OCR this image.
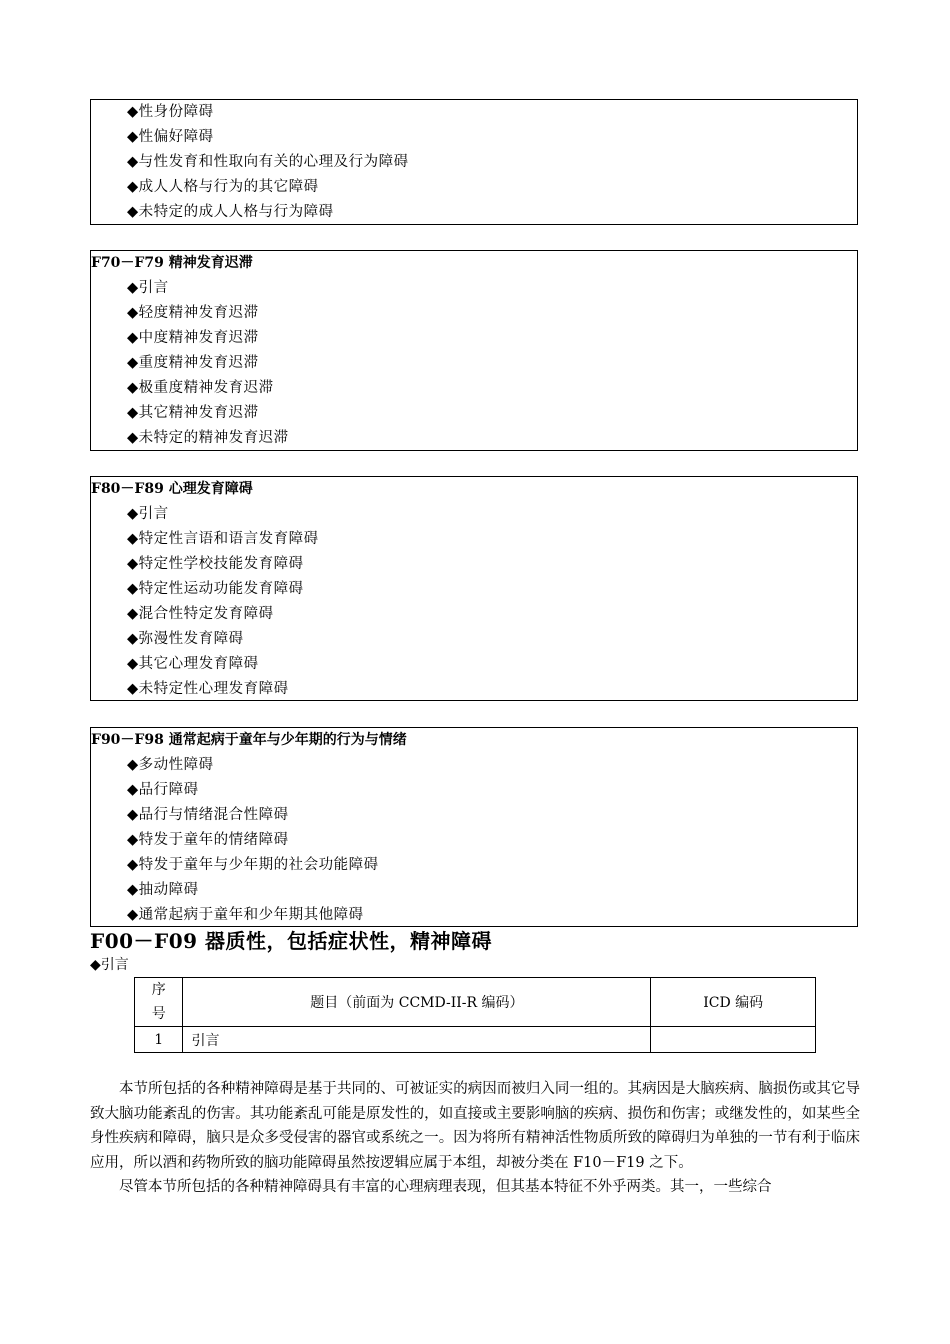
◆性身份障碍
◆性偏好障碍
◆与性发育和性取向有关的心理及行为障碍
◆成人人格与行为的其它障碍
◆未特定的成人人格与行为障碍
F70－F79 精神发育迟滞
◆引言
◆轻度精神发育迟滞
◆中度精神发育迟滞
◆重度精神发育迟滞
◆极重度精神发育迟滞
◆其它精神发育迟滞
◆未特定的精神发育迟滞
F80－F89 心理发育障碍
◆引言
◆特定性言语和语言发育障碍
◆特定性学校技能发育障碍
◆特定性运动功能发育障碍
◆混合性特定发育障碍
◆弥漫性发育障碍
◆其它心理发育障碍
◆未特定性心理发育障碍
F90－F98 通常起病于童年与少年期的行为与情绪
◆多动性障碍
◆品行障碍
◆品行与情绪混合性障碍
◆特发于童年的情绪障碍
◆特发于童年与少年期的社会功能障碍
◆抽动障碍
◆通常起病于童年和少年期其他障碍
F00－F09 器质性，包括症状性，精神障碍
◆引言
序号	题目（前面为 CCMD-II-R 编码）	ICD 编码
1	引言	

本节所包括的各种精神障碍是基于共同的、可被证实的病因而被归入同一组的。其病因是大脑疾病、脑损伤或其它导致大脑功能紊乱的伤害。其功能紊乱可能是原发性的，如直接或主要影响脑的疾病、损伤和伤害；或继发性的，如某些全身性疾病和障碍，脑只是众多受侵害的器官或系统之一。因为将所有精神活性物质所致的障碍归为单独的一节有利于临床应用，所以酒和药物所致的脑功能障碍虽然按逻辑应属于本组，却被分类在 F10－F19 之下。

尽管本节所包括的各种精神障碍具有丰富的心理病理表现，但其基本特征不外乎两类。其一，一些综合
